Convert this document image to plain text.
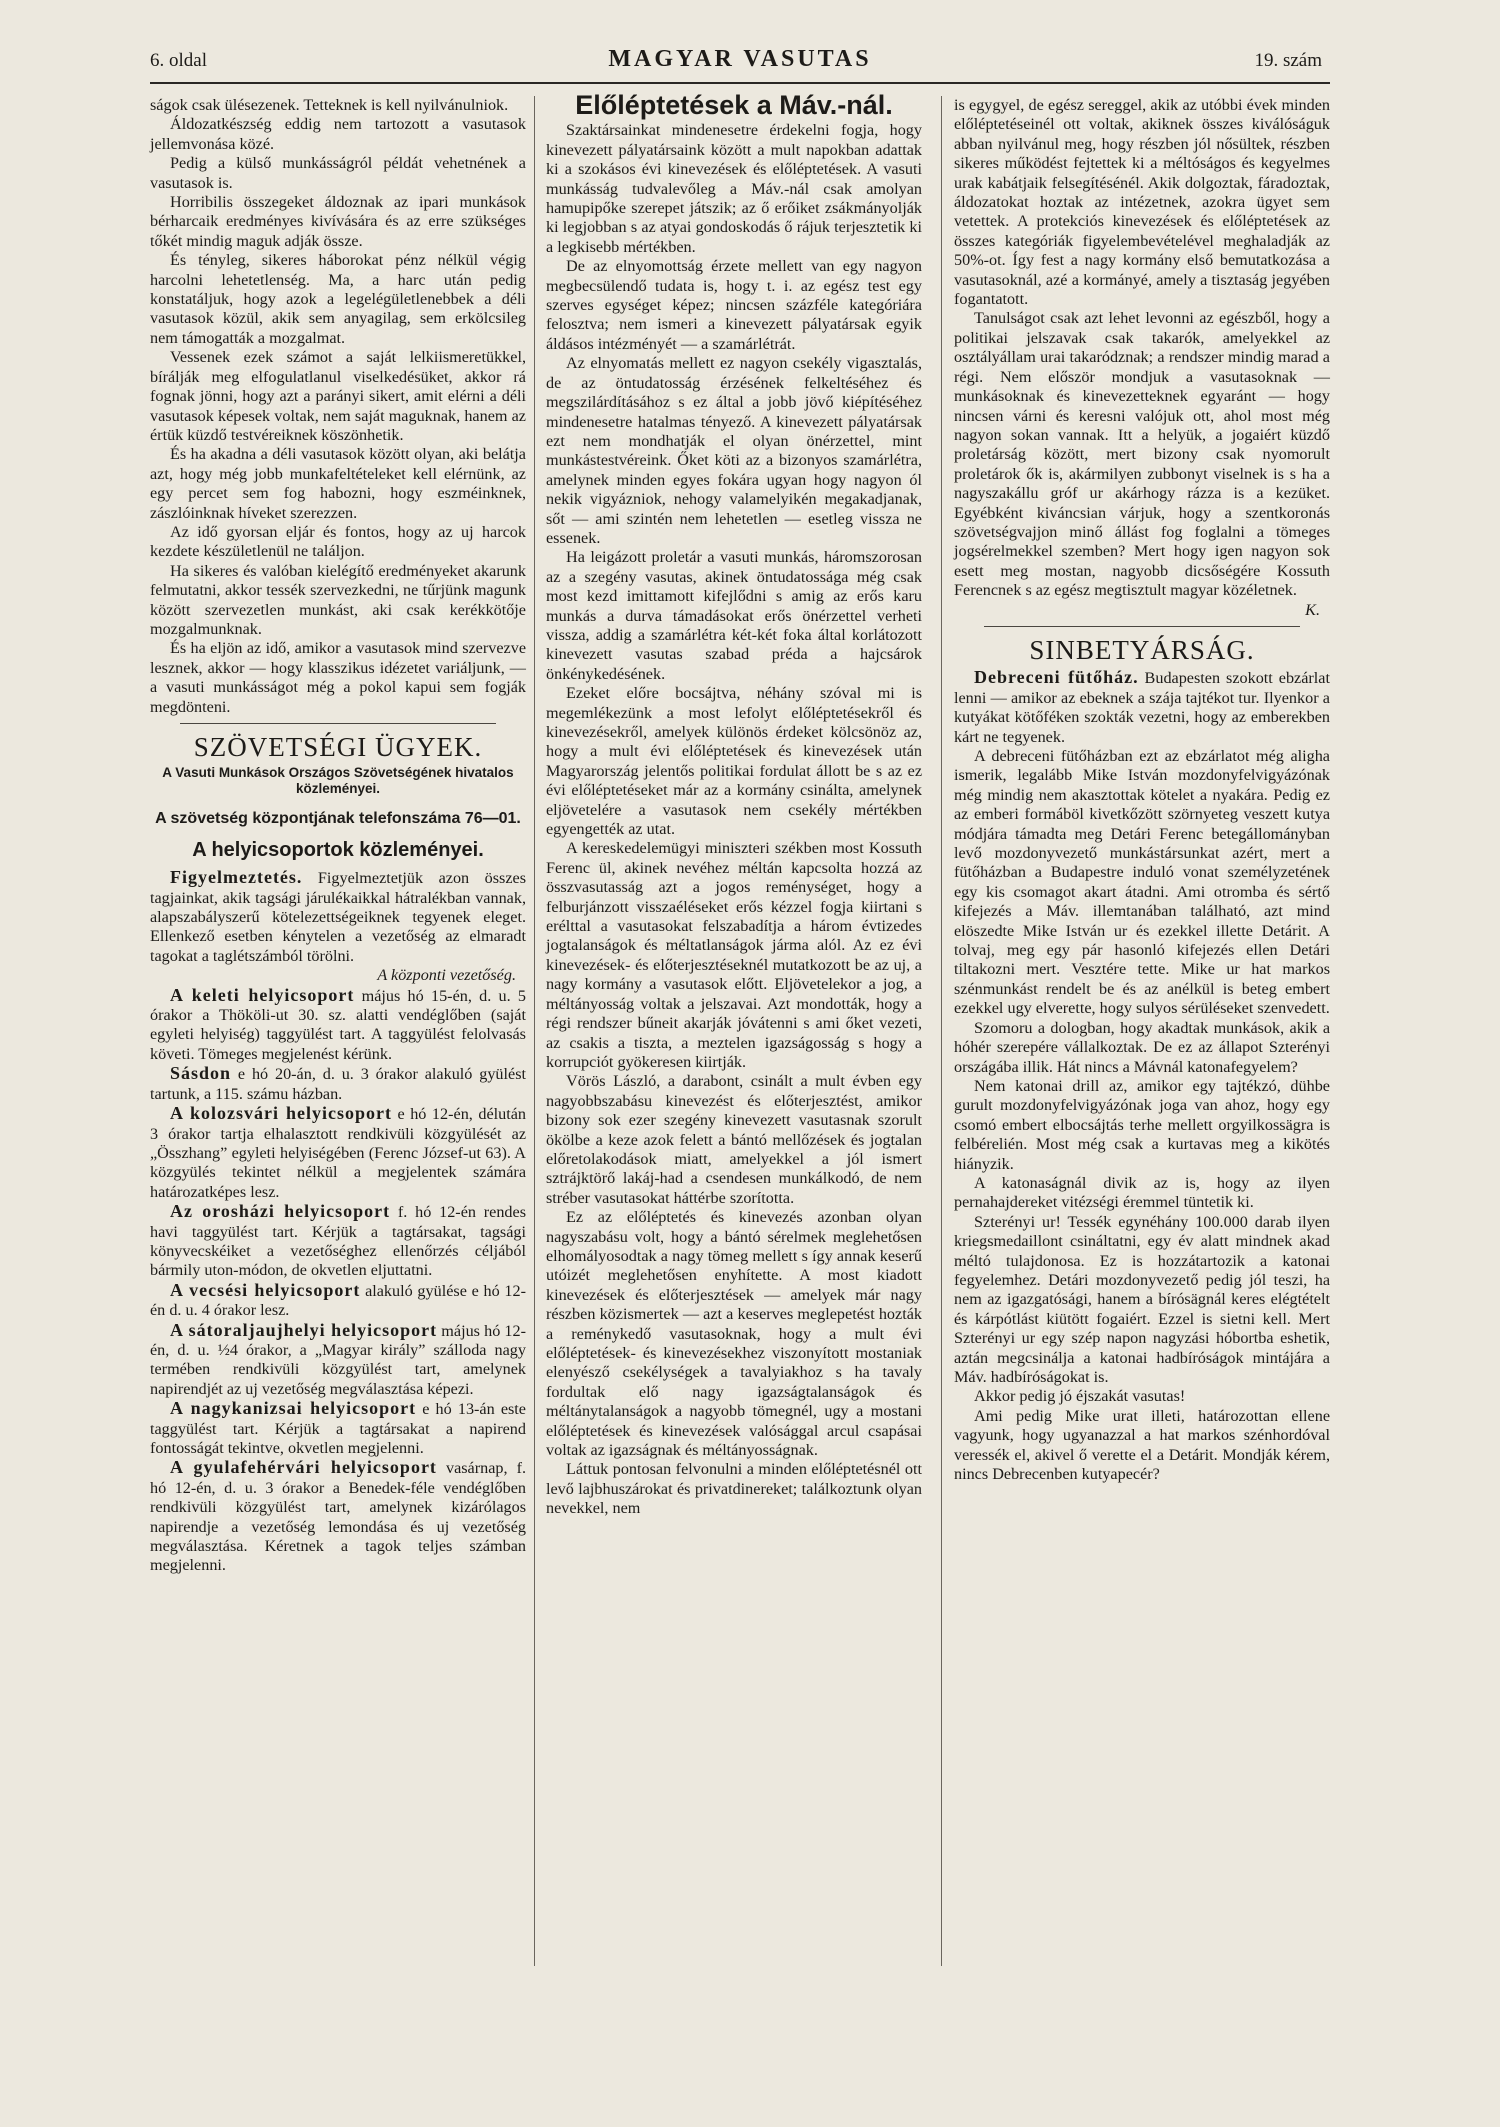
6. oldal	MAGYAR VASUTAS	19. szám

ságok csak ülésezenek. Tetteknek is kell nyilvánulniok.

Áldozatkészség eddig nem tartozott a vasutasok jellemvonása közé.

Pedig a külső munkásságról példát vehetnének a vasutasok is.

Horribilis összegeket áldoznak az ipari munkások bérharcaik eredményes kivívására és az erre szükséges tőkét mindig maguk adják össze.

És tényleg, sikeres háborokat pénz nélkül végig harcolni lehetetlenség. Ma, a harc után pedig konstatáljuk, hogy azok a legelégületlenebbek a déli vasutasok közül, akik sem anyagilag, sem erkölcsileg nem támogatták a mozgalmat.

Vessenek ezek számot a saját lelkiismeretükkel, bírálják meg elfogulatlanul viselkedésüket, akkor rá fognak jönni, hogy azt a parányi sikert, amit elérni a déli vasutasok képesek voltak, nem saját maguknak, hanem az értük küzdő testvéreiknek köszönhetik.

És ha akadna a déli vasutasok között olyan, aki belátja azt, hogy még jobb munkafeltételeket kell elérnünk, az egy percet sem fog habozni, hogy eszméinknek, zászlóinknak híveket szerezzen.

Az idő gyorsan eljár és fontos, hogy az uj harcok kezdete készületlenül ne találjon.

Ha sikeres és valóban kielégítő eredményeket akarunk felmutatni, akkor tessék szervezkedni, ne tűrjünk magunk között szervezetlen munkást, aki csak kerékkötője mozgalmunknak.

És ha eljön az idő, amikor a vasutasok mind szervezve lesznek, akkor — hogy klasszikus idézetet variáljunk, — a vasuti munkásságot még a pokol kapui sem fogják megdönteni.

SZÖVETSÉGI ÜGYEK.
A Vasuti Munkások Országos Szövetségének hivatalos közleményei.
A szövetség központjának telefonszáma 76—01.
A helyicsoportok közleményei.

Figyelmeztetés. Figyelmeztetjük azon összes tagjainkat, akik tagsági járulékaikkal hátralékban vannak, alapszabályszerű kötelezettségeiknek tegyenek eleget. Ellenkező esetben kénytelen a vezetőség az elmaradt tagokat a taglétszámból törölni.

A központi vezetőség.

A keleti helyicsoport május hó 15-én, d. u. 5 órakor a Thököli-ut 30. sz. alatti vendéglőben (saját egyleti helyiség) taggyülést tart. A taggyülést felolvasás követi. Tömeges megjelenést kérünk.

Sásdon e hó 20-án, d. u. 3 órakor alakuló gyülést tartunk, a 115. számu házban.

A kolozsvári helyicsoport e hó 12-én, délután 3 órakor tartja elhalasztott rendkivüli közgyülését az „Összhang” egyleti helyiségében (Ferenc József-ut 63). A közgyülés tekintet nélkül a megjelentek számára határozatképes lesz.

Az orosházi helyicsoport f. hó 12-én rendes havi taggyülést tart. Kérjük a tagtársakat, tagsági könyvecskéiket a vezetőséghez ellenőrzés céljából bármily uton-módon, de okvetlen eljuttatni.

A vecsési helyicsoport alakuló gyülése e hó 12-én d. u. 4 órakor lesz.

A sátoraljaujhelyi helyicsoport május hó 12-én, d. u. ½4 órakor, a „Magyar király” szálloda nagy termében rendkivüli közgyülést tart, amelynek napirendjét az uj vezetőség megválasztása képezi.

A nagykanizsai helyicsoport e hó 13-án este taggyülést tart. Kérjük a tagtársakat a napirend fontosságát tekintve, okvetlen megjelenni.

A gyulafehérvári helyicsoport vasárnap, f. hó 12-én, d. u. 3 órakor a Benedek-féle vendéglőben rendkivüli közgyülést tart, amelynek kizárólagos napirendje a vezetőség lemondása és uj vezetőség megválasztása. Kéretnek a tagok teljes számban megjelenni.

Előléptetések a Máv.-nál.

Szaktársainkat mindenesetre érdekelni fogja, hogy kinevezett pályatársaink között a mult napokban adattak ki a szokásos évi kinevezések és előléptetések. A vasuti munkásság tudvalevőleg a Máv.-nál csak amolyan hamupipőke szerepet játszik; az ő erőiket zsákmányolják ki legjobban s az atyai gondoskodás ő rájuk terjesztetik ki a legkisebb mértékben.

De az elnyomottság érzete mellett van egy nagyon megbecsülendő tudata is, hogy t. i. az egész test egy szerves egységet képez; nincsen százféle kategóriára felosztva; nem ismeri a kinevezett pályatársak egyik áldásos intézményét — a szamárlétrát.

Az elnyomatás mellett ez nagyon csekély vigasztalás, de az öntudatosság érzésének felkeltéséhez és megszilárdításához s ez által a jobb jövő kiépítéséhez mindenesetre hatalmas tényező. A kinevezett pályatársak ezt nem mondhatják el olyan önérzettel, mint munkástestvéreink. Őket köti az a bizonyos szamárlétra, amelynek minden egyes fokára ugyan hogy nagyon ól nekik vigyázniok, nehogy valamelyikén megakadjanak, sőt — ami szintén nem lehetetlen — esetleg vissza ne essenek.

Ha leigázott proletár a vasuti munkás, háromszorosan az a szegény vasutas, akinek öntudatossága még csak most kezd imittamott kifejlődni s amig az erős karu munkás a durva támadásokat erős önérzettel verheti vissza, addig a szamárlétra két-két foka által korlátozott kinevezett vasutas szabad préda a hajcsárok önkénykedésének.

Ezeket előre bocsájtva, néhány szóval mi is megemlékezünk a most lefolyt előléptetésekről és kinevezésekről, amelyek különös érdeket kölcsönöz az, hogy a mult évi előléptetések és kinevezések után Magyarország jelentős politikai fordulat állott be s az ez évi előléptetéseket már az a kormány csinálta, amelynek eljövetelére a vasutasok nem csekély mértékben egyengették az utat.

A kereskedelemügyi miniszteri székben most Kossuth Ferenc ül, akinek nevéhez méltán kapcsolta hozzá az összvasutasság azt a jogos reménységet, hogy a felburjánzott visszaéléseket erős kézzel fogja kiirtani s erélttal a vasutasokat felszabadítja a három évtizedes jogtalanságok és méltatlanságok járma alól. Az ez évi kinevezések- és előterjesztéseknél mutatkozott be az uj, a nagy kormány a vasutasok előtt. Eljövetelekor a jog, a méltányosság voltak a jelszavai. Azt mondották, hogy a régi rendszer bűneit akarják jóvátenni s ami őket vezeti, az csakis a tiszta, a meztelen igazságosság s hogy a korrupciót gyökeresen kiirtják.

Vörös László, a darabont, csinált a mult évben egy nagyobbszabásu kinevezést és előterjesztést, amikor bizony sok ezer szegény kinevezett vasutasnak szorult ökölbe a keze azok felett a bántó mellőzések és jogtalan előretolakodások miatt, amelyekkel a jól ismert sztrájktörő lakáj-had a csendesen munkálkodó, de nem stréber vasutasokat háttérbe szorította.

Ez az előléptetés és kinevezés azonban olyan nagyszabásu volt, hogy a bántó sérelmek meglehetősen elhomályosodtak a nagy tömeg mellett s így annak keserű utóizét meglehetősen enyhítette. A most kiadott kinevezések és előterjesztések — amelyek már nagy részben közismertek — azt a keserves meglepetést hozták a reménykedő vasutasoknak, hogy a mult évi előléptetések- és kinevezésekhez viszonyított mostaniak elenyésző csekélységek a tavalyiakhoz s ha tavaly fordultak elő nagy igazságtalanságok és méltánytalanságok a nagyobb tömegnél, ugy a mostani előléptetések és kinevezések valósággal arcul csapásai voltak az igazságnak és méltányosságnak.

Láttuk pontosan felvonulni a minden előléptetésnél ott levő lajbhuszárokat és privatdinereket; találkoztunk olyan nevekkel, nem

is egygyel, de egész sereggel, akik az utóbbi évek minden előléptetéseinél ott voltak, akiknek összes kiválóságuk abban nyilvánul meg, hogy részben jól nősültek, részben sikeres működést fejtettek ki a méltóságos és kegyelmes urak kabátjaik felsegítésénél. Akik dolgoztak, fáradoztak, áldozatokat hoztak az intézetnek, azokra ügyet sem vetettek. A protekciós kinevezések és előléptetések az összes kategóriák figyelembevételével meghaladják az 50%-ot. Így fest a nagy kormány első bemutatkozása a vasutasoknál, azé a kormányé, amely a tisztaság jegyében fogantatott.

Tanulságot csak azt lehet levonni az egészből, hogy a politikai jelszavak csak takarók, amelyekkel az osztályállam urai takaródznak; a rendszer mindig marad a régi. Nem először mondjuk a vasutasoknak — munkásoknak és kinevezetteknek egyaránt — hogy nincsen várni és keresni valójuk ott, ahol most még nagyon sokan vannak. Itt a helyük, a jogaiért küzdő proletárság között, mert bizony csak nyomorult proletárok ők is, akármilyen zubbonyt viselnek is s ha a nagyszakállu gróf ur akárhogy rázza is a kezüket. Egyébként kiváncsian várjuk, hogy a szentkoronás szövetségvajjon minő állást fog foglalni a tömeges jogsérelmekkel szemben? Mert hogy igen nagyon sok esett meg mostan, nagyobb dicsőségére Kossuth Ferencnek s az egész megtisztult magyar közéletnek.

K.
SINBETYÁRSÁG.

Debreceni fütőház. Budapesten szokott ebzárlat lenni — amikor az ebeknek a szája tajtékot tur. Ilyenkor a kutyákat kötőféken szokták vezetni, hogy az emberekben kárt ne tegyenek.

A debreceni fütőházban ezt az ebzárlatot még aligha ismerik, legalább Mike István mozdonyfelvigyázónak még mindig nem akasztottak kötelet a nyakára. Pedig ez az emberi formáböl kivetkőzött szörnyeteg veszett kutya módjára támadta meg Detári Ferenc betegállományban levő mozdonyvezető munkástársunkat azért, mert a fütőházban a Budapestre induló vonat személyzetének egy kis csomagot akart átadni. Ami otromba és sértő kifejezés a Máv. illemtanában található, azt mind elöszedte Mike István ur és ezekkel illette Detárit. A tolvaj, meg egy pár hasonló kifejezés ellen Detári tiltakozni mert. Vesztére tette. Mike ur hat markos szénmunkást rendelt be és az anélkül is beteg embert ezekkel ugy elverette, hogy sulyos sérüléseket szenvedett.

Szomoru a dologban, hogy akadtak munkások, akik a hóhér szerepére vállalkoztak. De ez az állapot Szterényi országába illik. Hát nincs a Mávnál katonafegyelem?

Nem katonai drill az, amikor egy tajtékzó, dühbe gurult mozdonyfelvigyázónak joga van ahoz, hogy egy csomó embert elbocsájtás terhe mellett orgyilkossägra is felbérelién. Most még csak a kurtavas meg a kikötés hiányzik.

A katonaságnál divik az is, hogy az ilyen pernahajdereket vitézségi éremmel tüntetik ki.

Szterényi ur! Tessék egynéhány 100.000 darab ilyen kriegsmedaillont csináltatni, egy év alatt mindnek akad méltó tulajdonosa. Ez is hozzátartozik a katonai fegyelemhez. Detári mozdonyvezető pedig jól teszi, ha nem az igazgatósági, hanem a bírósägnál keres elégtételt és kárpótlást kiütött fogaiért. Ezzel is sietni kell. Mert Szterényi ur egy szép napon nagyzási hóbortba eshetik, aztán megcsinálja a katonai hadbíróságok mintájára a Máv. hadbíróságokat is.

Akkor pedig jó éjszakát vasutas!

Ami pedig Mike urat illeti, határozottan ellene vagyunk, hogy ugyanazzal a hat markos szénhordóval veressék el, akivel ő verette el a Detárit. Mondják kérem, nincs Debrecenben kutyapecér?
